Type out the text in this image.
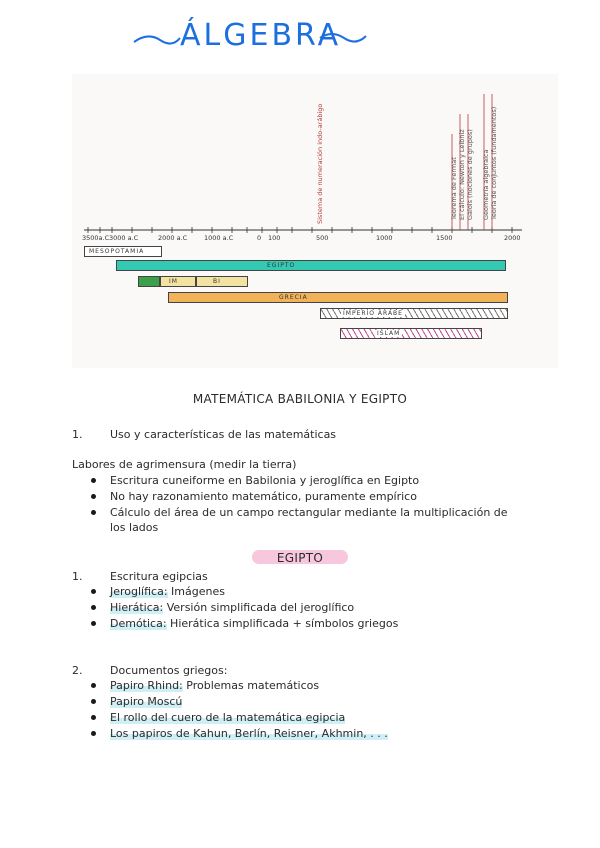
ÁLGEBRA
3500a.C 3000 a.C	2000 a.C	1000 a.C	0 100	500	1000	1500	2000
Sistema de numeración indo-arábigo	Teorema de Fermat El cálculo: Newton y Leibniz Galois (nociones de grupos) Geometría algebraica Teoría de conjuntos (fundamentos)
MESOPOTAMIA
EGIPTO
IM	BI
GRECIA
IMPERIO ÁRABE
ISLAM
MATEMÁTICA BABILONIA Y EGIPTO
1.	Uso y características de las matemáticas
Labores de agrimensura (medir la tierra)
Escritura cuneiforme en Babilonia y jeroglífica en Egipto
No hay razonamiento matemático, puramente empírico
Cálculo del área de un campo rectangular mediante la multiplicación de
los lados
EGIPTO
1.	Escritura egipcias
Jeroglífica: Imágenes
Hierática: Versión simplificada del jeroglífico
Demótica: Hierática simplificada + símbolos griegos
2.	Documentos griegos:
Papiro Rhind: Problemas matemáticos
Papiro Moscú
El rollo del cuero de la matemática egipcia
Los papiros de Kahun, Berlín, Reisner, Akhmin, . . .
